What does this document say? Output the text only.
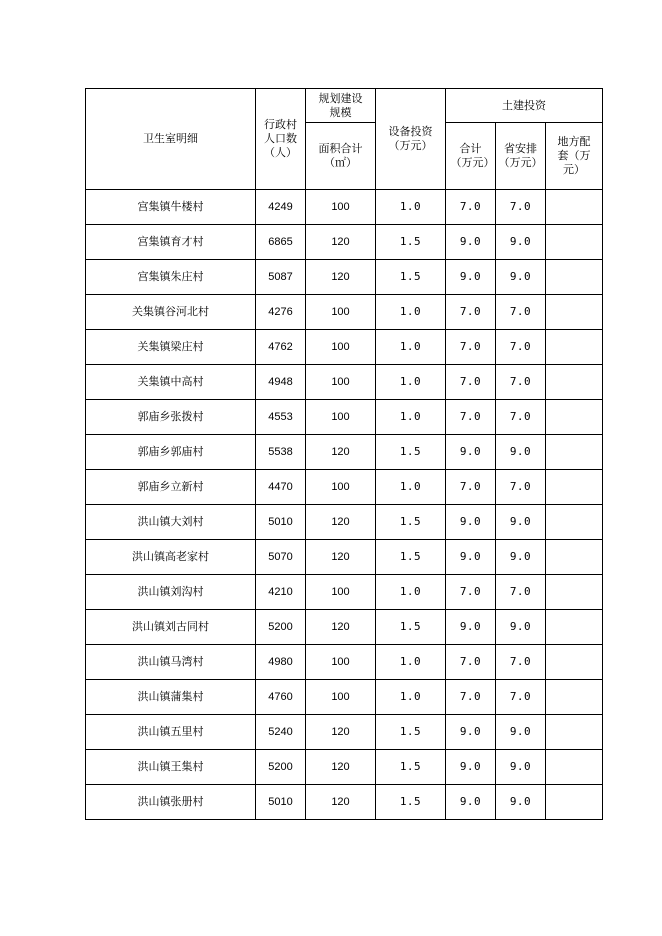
卫生室明细	行政村人口数（人）	规划建设规模	设备投资（万元）	土建投资		
		面积合计（㎡）		合计（万元）	省安排（万元）	地方配套（万元）
宫集镇牛楼村	4249	100	1.0	7.0	7.0	
宫集镇育才村	6865	120	1.5	9.0	9.0	
宫集镇朱庄村	5087	120	1.5	9.0	9.0	
关集镇谷河北村	4276	100	1.0	7.0	7.0	
关集镇梁庄村	4762	100	1.0	7.0	7.0	
关集镇中高村	4948	100	1.0	7.0	7.0	
郭庙乡张拨村	4553	100	1.0	7.0	7.0	
郭庙乡郭庙村	5538	120	1.5	9.0	9.0	
郭庙乡立新村	4470	100	1.0	7.0	7.0	
洪山镇大刘村	5010	120	1.5	9.0	9.0	
洪山镇高老家村	5070	120	1.5	9.0	9.0	
洪山镇刘沟村	4210	100	1.0	7.0	7.0	
洪山镇刘古同村	5200	120	1.5	9.0	9.0	
洪山镇马湾村	4980	100	1.0	7.0	7.0	
洪山镇蒲集村	4760	100	1.0	7.0	7.0	
洪山镇五里村	5240	120	1.5	9.0	9.0	
洪山镇王集村	5200	120	1.5	9.0	9.0	
洪山镇张册村	5010	120	1.5	9.0	9.0	
